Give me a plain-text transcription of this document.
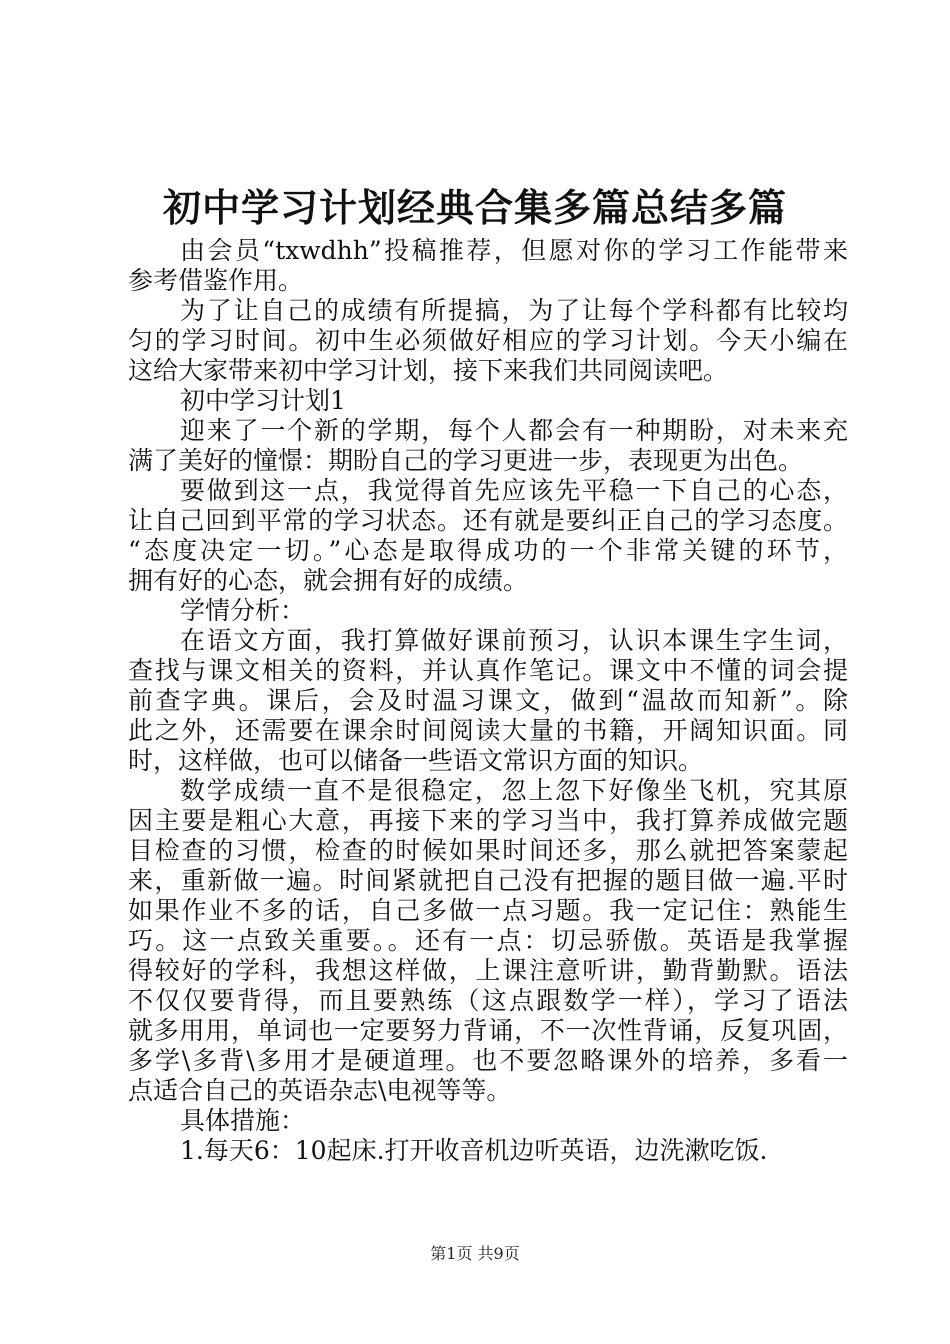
初中学习计划经典合集多篇总结多篇
由会员“txwdhh”投稿推荐，但愿对你的学习工作能带来
参考借鉴作用。
为了让自己的成绩有所提搞，为了让每个学科都有比较均
匀的学习时间。初中生必须做好相应的学习计划。今天小编在
这给大家带来初中学习计划，接下来我们共同阅读吧。
初中学习计划1
迎来了一个新的学期，每个人都会有一种期盼，对未来充
满了美好的憧憬：期盼自己的学习更进一步，表现更为出色。
要做到这一点，我觉得首先应该先平稳一下自己的心态，
让自己回到平常的学习状态。还有就是要纠正自己的学习态度。
“态度决定一切。”心态是取得成功的一个非常关键的环节，
拥有好的心态，就会拥有好的成绩。
学情分析：
在语文方面，我打算做好课前预习，认识本课生字生词，
查找与课文相关的资料，并认真作笔记。课文中不懂的词会提
前查字典。课后，会及时温习课文，做到“温故而知新”。除
此之外，还需要在课余时间阅读大量的书籍，开阔知识面。同
时，这样做，也可以储备一些语文常识方面的知识。
数学成绩一直不是很稳定，忽上忽下好像坐飞机，究其原
因主要是粗心大意，再接下来的学习当中，我打算养成做完题
目检查的习惯，检查的时候如果时间还多，那么就把答案蒙起
来，重新做一遍。时间紧就把自己没有把握的题目做一遍.平时
如果作业不多的话，自己多做一点习题。我一定记住：熟能生
巧。这一点致关重要。。还有一点：切忌骄傲。英语是我掌握
得较好的学科，我想这样做，上课注意听讲，勤背勤默。语法
不仅仅要背得，而且要熟练（这点跟数学一样），学习了语法
就多用用，单词也一定要努力背诵，不一次性背诵，反复巩固，
多学\多背\多用才是硬道理。也不要忽略课外的培养，多看一
点适合自己的英语杂志\电视等等。
具体措施：
1.每天6：10起床.打开收音机边听英语，边洗漱吃饭.
第1页 共9页
